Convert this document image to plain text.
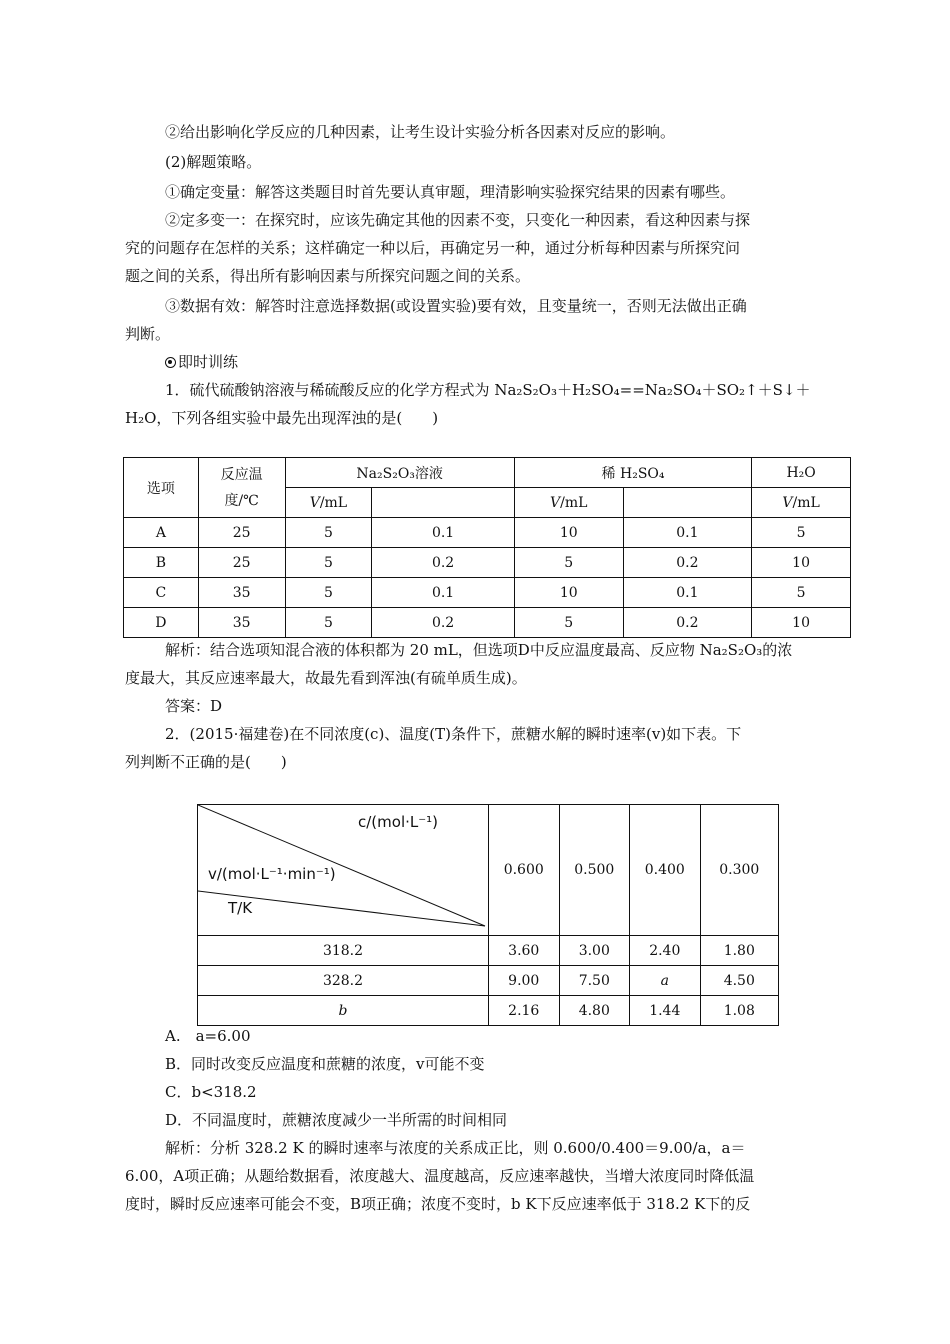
②给出影响化学反应的几种因素，让考生设计实验分析各因素对反应的影响。
(2)解题策略。
①确定变量：解答这类题目时首先要认真审题，理清影响实验探究结果的因素有哪些。
②定多变一：在探究时，应该先确定其他的因素不变，只变化一种因素，看这种因素与探
究的问题存在怎样的关系；这样确定一种以后，再确定另一种，通过分析每种因素与所探究问
题之间的关系，得出所有影响因素与所探究问题之间的关系。
③数据有效：解答时注意选择数据(或设置实验)要有效，且变量统一，否则无法做出正确
判断。
即时训练
1．硫代硫酸钠溶液与稀硫酸反应的化学方程式为 Na₂S₂O₃＋H₂SO₄==Na₂SO₄＋SO₂↑＋S↓＋
H₂O，下列各组实验中最先出现浑浊的是(　　)
选项	反应温
度/℃	Na₂S₂O₃溶液		稀 H₂SO₄		H₂O
		V/mL		V/mL		V/mL
A	25	5	0.1	10	0.1	5
B	25	5	0.2	5	0.2	10
C	35	5	0.1	10	0.1	5
D	35	5	0.2	5	0.2	10
解析：结合选项知混合液的体积都为 20 mL，但选项D中反应温度最高、反应物 Na₂S₂O₃的浓
度最大，其反应速率最大，故最先看到浑浊(有硫单质生成)。
答案：D
2．(2015·福建卷)在不同浓度(c)、温度(T)条件下，蔗糖水解的瞬时速率(v)如下表。下
列判断不正确的是(　　)
c/(mol·L⁻¹)
v/(mol·L⁻¹·min⁻¹)
T/K	0.600	0.500	0.400	0.300
318.2	3.60	3.00	2.40	1.80
328.2	9.00	7.50	a	4.50
b	2.16	4.80	1.44	1.08
A.　a=6.00
B．同时改变反应温度和蔗糖的浓度，v可能不变
C．b<318.2
D．不同温度时，蔗糖浓度减少一半所需的时间相同
解析：分析 328.2 K 的瞬时速率与浓度的关系成正比，则 0.600/0.400＝9.00/a，a＝
6.00，A项正确；从题给数据看，浓度越大、温度越高，反应速率越快，当增大浓度同时降低温
度时，瞬时反应速率可能会不变，B项正确；浓度不变时，b K下反应速率低于 318.2 K下的反
